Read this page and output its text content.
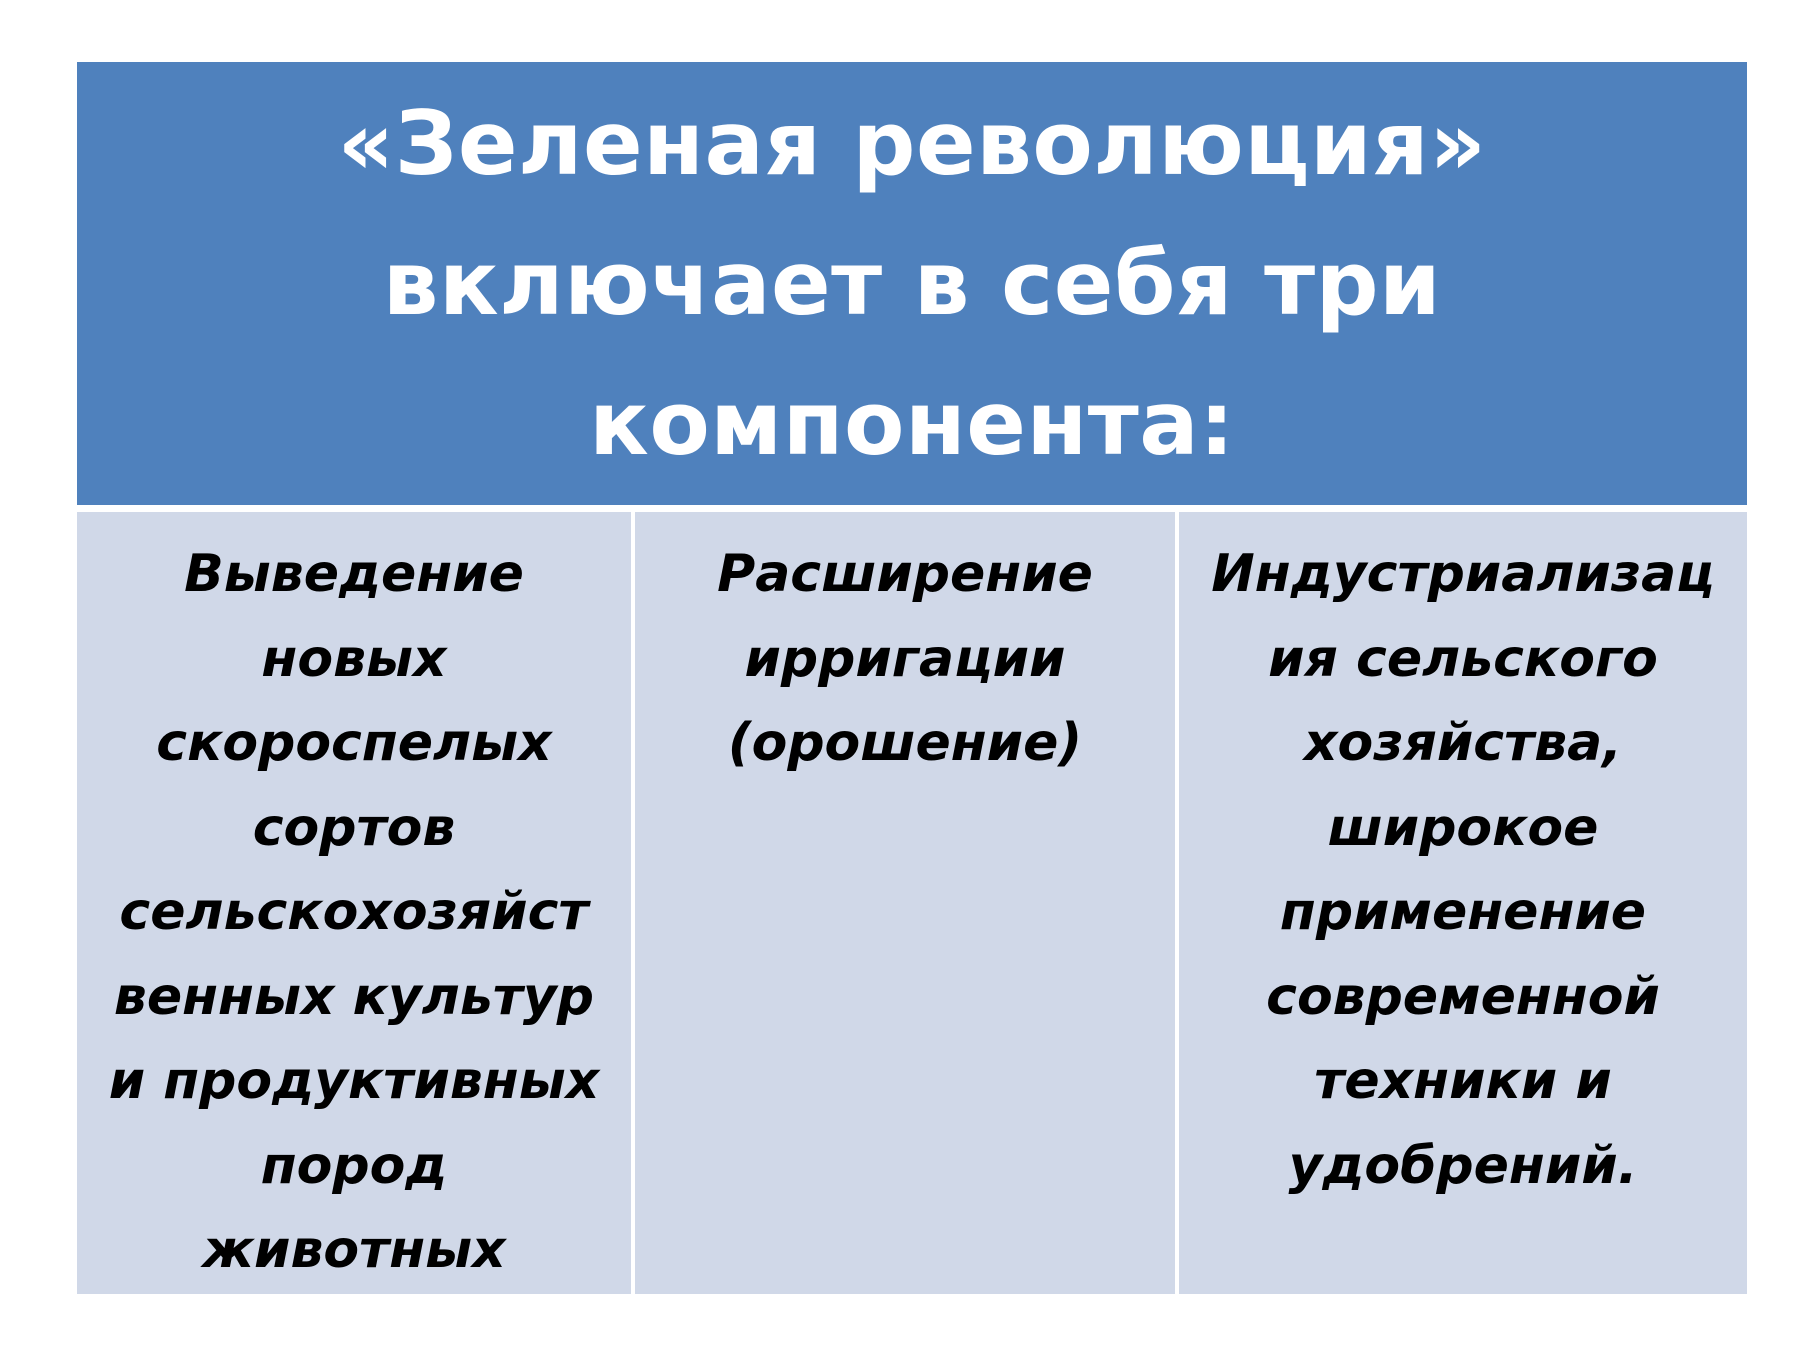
«Зеленая революция»
включает в себя три
компонента:

Выведение
новых
скороспелых
сортов
сельскохозяйст
венных культур
и продуктивных
пород
животных

Расширение
ирригации
(орошение)

Индустриализац
ия сельского
хозяйства,
широкое
применение
современной
техники и
удобрений.
